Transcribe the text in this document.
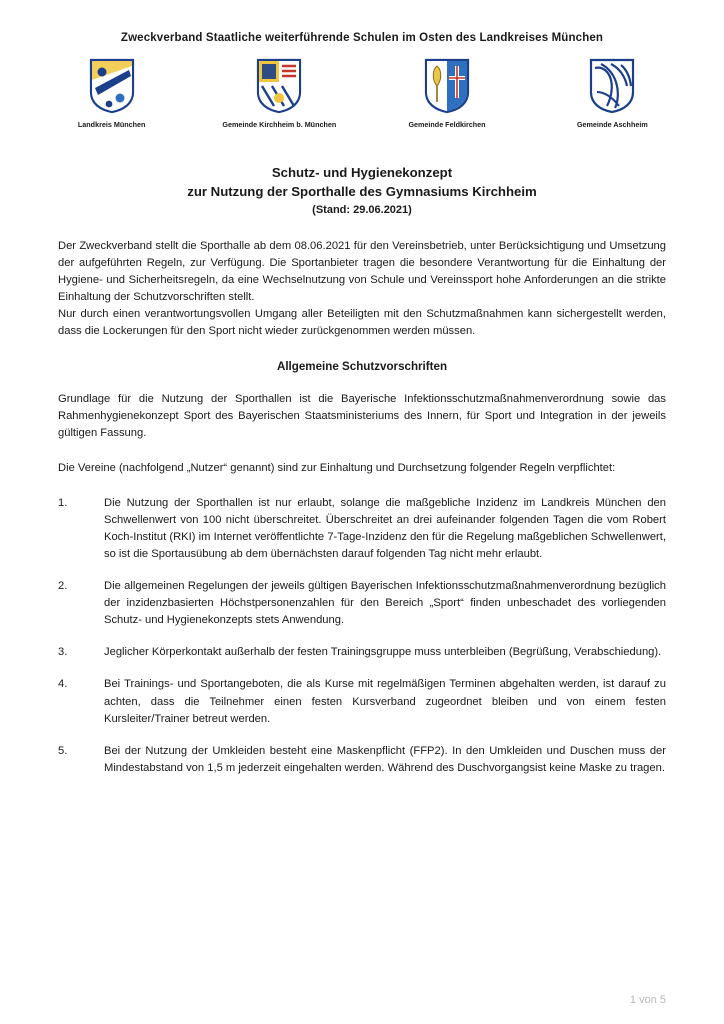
Zweckverband Staatliche weiterführende Schulen im Osten des Landkreises München
Landkreis München	Gemeinde Kirchheim b. München	Gemeinde Feldkirchen	Gemeinde Aschheim
Schutz- und Hygienekonzept
zur Nutzung der Sporthalle des Gymnasiums Kirchheim
(Stand: 29.06.2021)

Der Zweckverband stellt die Sporthalle ab dem 08.06.2021 für den Vereinsbetrieb, unter Berücksichtigung und Umsetzung der aufgeführten Regeln, zur Verfügung. Die Sportanbieter tragen die besondere Verantwortung für die Einhaltung der Hygiene- und Sicherheitsregeln, da eine Wechselnutzung von Schule und Vereinssport hohe Anforderungen an die strikte Einhaltung der Schutzvorschriften stellt.

Nur durch einen verantwortungsvollen Umgang aller Beteiligten mit den Schutzmaßnahmen kann sichergestellt werden, dass die Lockerungen für den Sport nicht wieder zurückgenommen werden müssen.

Allgemeine Schutzvorschriften

Grundlage für die Nutzung der Sporthallen ist die Bayerische Infektionsschutzmaßnahmenverordnung sowie das Rahmenhygienekonzept Sport des Bayerischen Staatsministeriums des Innern, für Sport und Integration in der jeweils gültigen Fassung.

Die Vereine (nachfolgend „Nutzer“ genannt) sind zur Einhaltung und Durchsetzung folgender Regeln verpflichtet:

1.	Die Nutzung der Sporthallen ist nur erlaubt, solange die maßgebliche Inzidenz im Landkreis München den Schwellenwert von 100 nicht überschreitet. Überschreitet an drei aufeinander folgenden Tagen die vom Robert Koch-Institut (RKI) im Internet veröffentlichte 7-Tage-Inzidenz den für die Regelung maßgeblichen Schwellenwert, so ist die Sportausübung ab dem übernächsten darauf folgenden Tag nicht mehr erlaubt.
2.	Die allgemeinen Regelungen der jeweils gültigen Bayerischen Infektionsschutzmaßnahmenverordnung bezüglich der inzidenzbasierten Höchstpersonenzahlen für den Bereich „Sport“ finden unbeschadet des vorliegenden Schutz- und Hygienekonzepts stets Anwendung.
3.	Jeglicher Körperkontakt außerhalb der festen Trainingsgruppe muss unterbleiben (Begrüßung, Verabschiedung).
4.	Bei Trainings- und Sportangeboten, die als Kurse mit regelmäßigen Terminen abgehalten werden, ist darauf zu achten, dass die Teilnehmer einen festen Kursverband zugeordnet bleiben und von einem festen Kursleiter/Trainer betreut werden.
5.	Bei der Nutzung der Umkleiden besteht eine Maskenpflicht (FFP2). In den Umkleiden und Duschen muss der Mindestabstand von 1,5 m jederzeit eingehalten werden. Während des Duschvorgangsist keine Maske zu tragen.
1 von 5
